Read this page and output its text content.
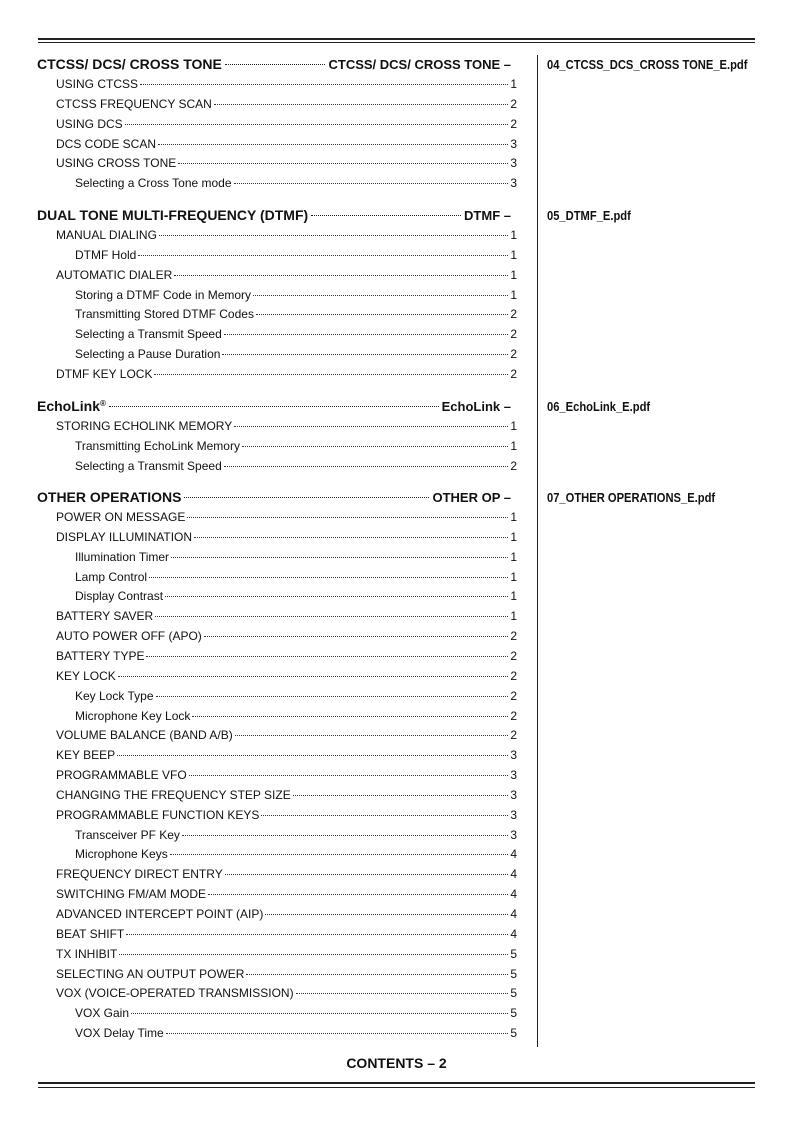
CTCSS/ DCS/ CROSS TONE	CTCSS/ DCS/ CROSS TONE –	04_CTCSS_DCS_CROSS TONE_E.pdf
USING CTCSS	1
CTCSS FREQUENCY SCAN	2
USING DCS	2
DCS CODE SCAN	3
USING CROSS TONE	3
Selecting a Cross Tone mode	3
DUAL TONE MULTI-FREQUENCY (DTMF)	DTMF –	05_DTMF_E.pdf
MANUAL DIALING	1
DTMF Hold	1
AUTOMATIC DIALER	1
Storing a DTMF Code in Memory	1
Transmitting Stored DTMF Codes	2
Selecting a Transmit Speed	2
Selecting a Pause Duration	2
DTMF KEY LOCK	2
EchoLink®	EchoLink –	06_EchoLink_E.pdf
STORING ECHOLINK MEMORY	1
Transmitting EchoLink Memory	1
Selecting a Transmit Speed	2
OTHER OPERATIONS	OTHER OP –	07_OTHER OPERATIONS_E.pdf
POWER ON MESSAGE	1
DISPLAY ILLUMINATION	1
Illumination Timer	1
Lamp Control	1
Display Contrast	1
BATTERY SAVER	1
AUTO POWER OFF (APO)	2
BATTERY TYPE	2
KEY LOCK	2
Key Lock Type	2
Microphone Key Lock	2
VOLUME BALANCE (BAND A/B)	2
KEY BEEP	3
PROGRAMMABLE VFO	3
CHANGING THE FREQUENCY STEP SIZE	3
PROGRAMMABLE FUNCTION KEYS	3
Transceiver PF Key	3
Microphone Keys	4
FREQUENCY DIRECT ENTRY	4
SWITCHING FM/AM MODE	4
ADVANCED INTERCEPT POINT (AIP)	4
BEAT SHIFT	4
TX INHIBIT	5
SELECTING AN OUTPUT POWER	5
VOX (VOICE-OPERATED TRANSMISSION)	5
VOX Gain	5
VOX Delay Time	5
CONTENTS – 2
